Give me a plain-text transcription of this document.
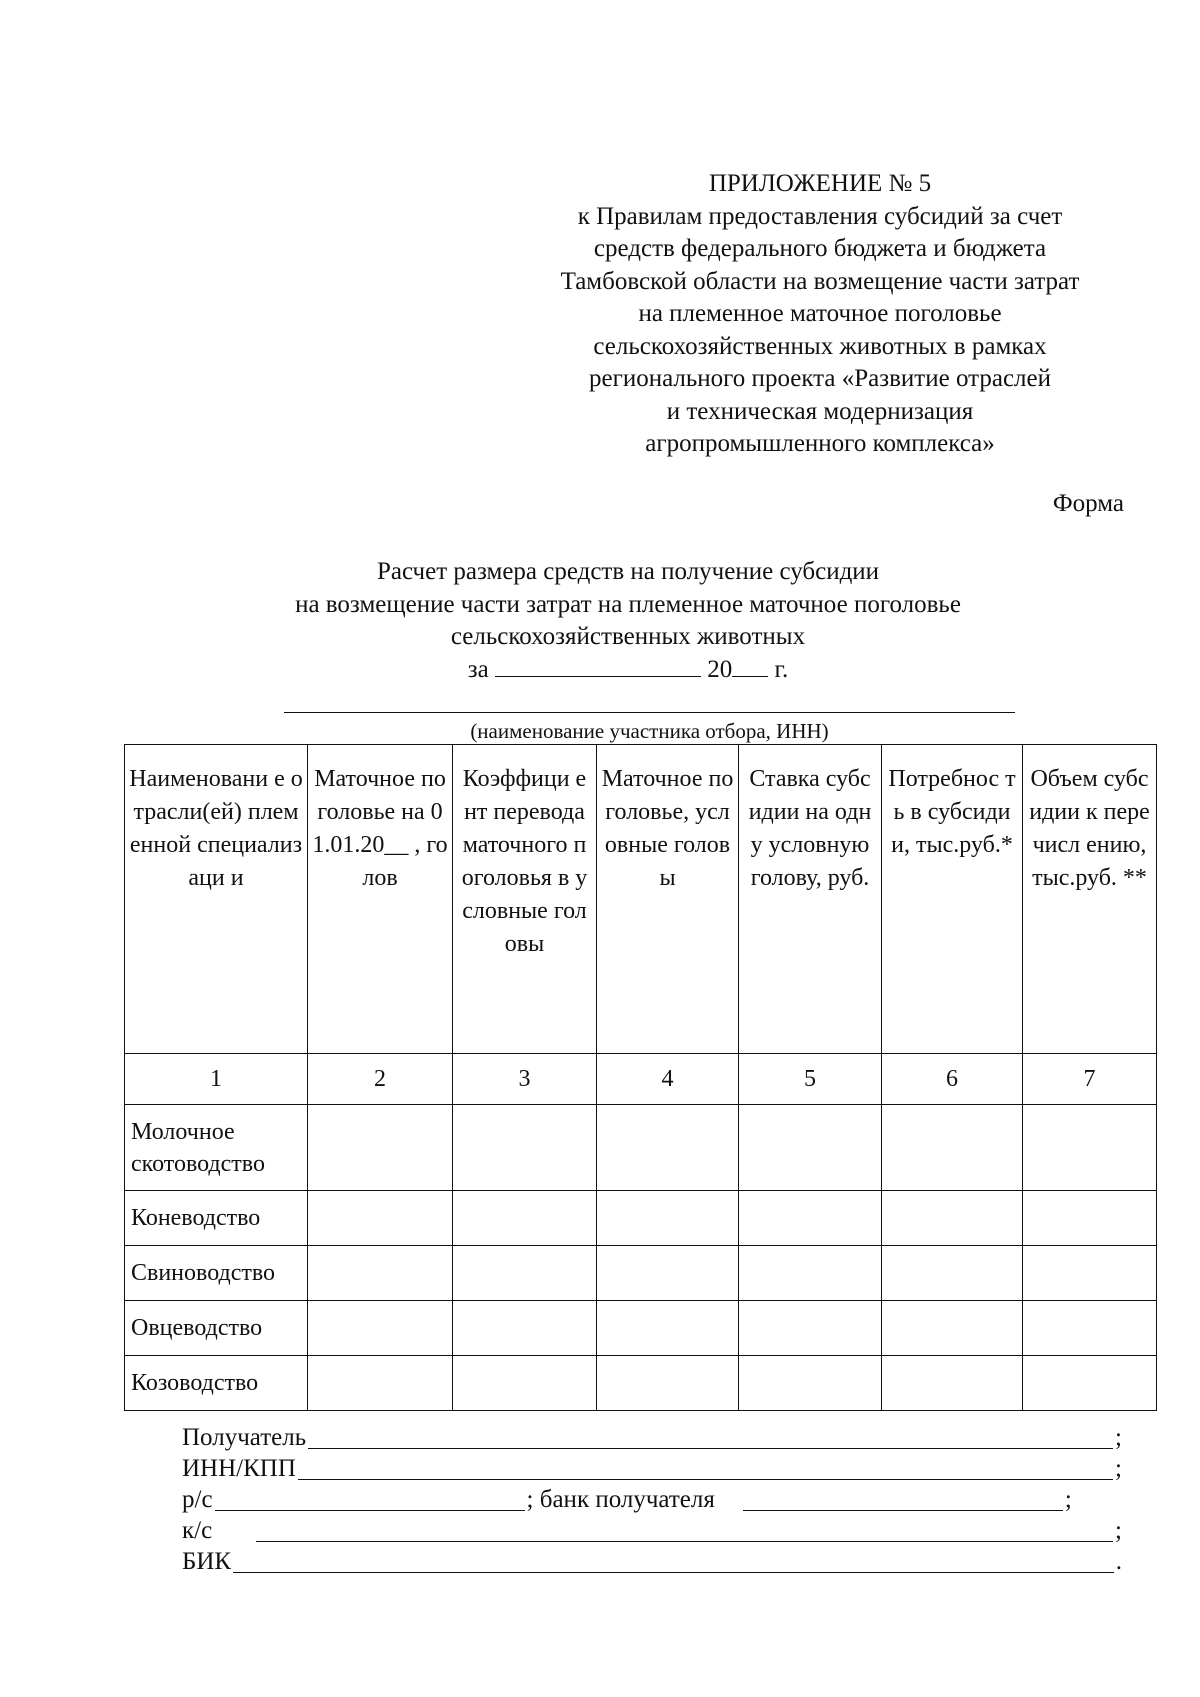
ПРИЛОЖЕНИЕ № 5
к Правилам предоставления субсидий за счет
средств федерального бюджета и бюджета
Тамбовской области на возмещение части затрат
на племенное маточное поголовье
сельскохозяйственных животных в рамках
регионального проекта «Развитие отраслей
и техническая модернизация
агропромышленного комплекса»
Форма
Расчет размера средств на получение субсидии
на возмещение части затрат на племенное маточное поголовье
сельскохозяйственных животных
за	20 г.
(наименование участника отбора, ИНН)
Наименовани е отрасли(ей) племенной специализаци и	Маточное поголовье на 01.01.20__ , голов	Коэффици ент перевода маточного поголовья в условные головы	Маточное поголовье, условные головы	Ставка субсидии на одну условную голову, руб.	Потребнос ть в субсидии, тыс.руб.*	Объем субсидии к перечисл ению, тыс.руб. **
1	2	3	4	5	6	7
Молочное скотоводство						
Коневодство						
Свиноводство						
Овцеводство						
Козоводство						
Получатель	;
ИНН/КПП	;
р/с	; банк получателя	;
к/с	;
БИК	.
